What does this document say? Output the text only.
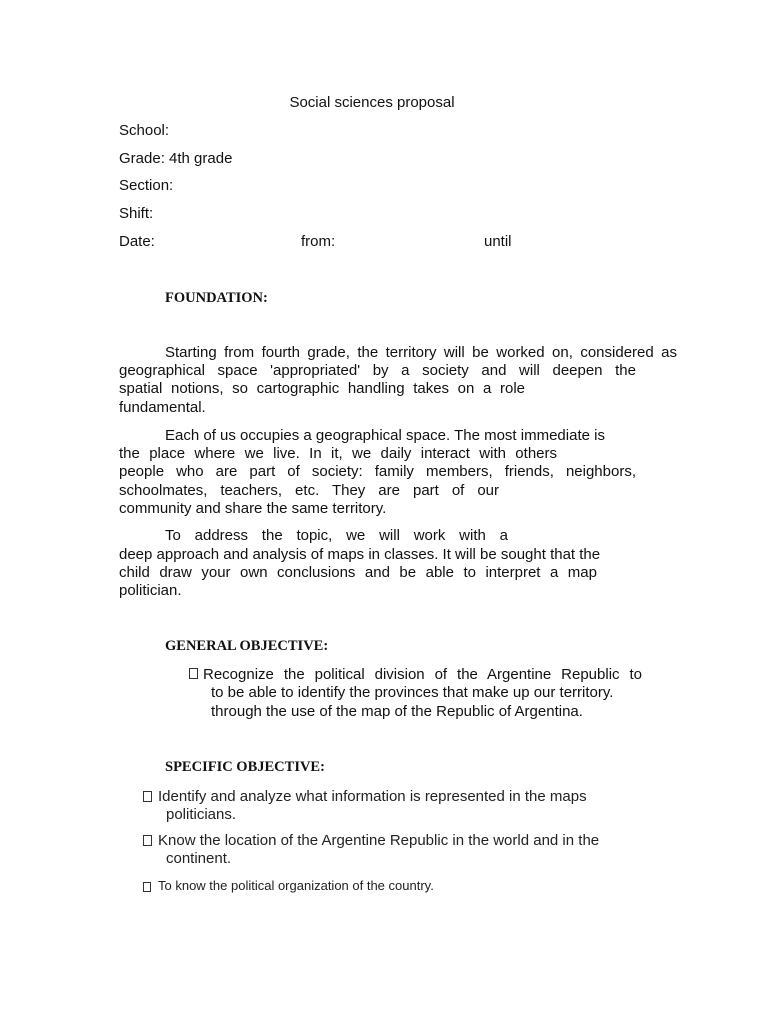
Social sciences proposal

School:

Grade: 4th grade

Section:

Shift:

Date:	from:	until

FOUNDATION:

Starting from fourth grade, the territory will be worked on, considered as

geographical space 'appropriated' by a society and will deepen the

spatial notions, so cartographic handling takes on a role

fundamental.

Each of us occupies a geographical space. The most immediate is

the place where we live. In it, we daily interact with others

people who are part of society: family members, friends, neighbors,

schoolmates, teachers, etc. They are part of our

community and share the same territory.

To address the topic, we will work with a

deep approach and analysis of maps in classes. It will be sought that the

child draw your own conclusions and be able to interpret a map

politician.

GENERAL OBJECTIVE:

Recognize the political division of the Argentine Republic to

to be able to identify the provinces that make up our territory.

through the use of the map of the Republic of Argentina.

SPECIFIC OBJECTIVE:

Identify and analyze what information is represented in the maps

politicians.

Know the location of the Argentine Republic in the world and in the

continent.

To know the political organization of the country.
